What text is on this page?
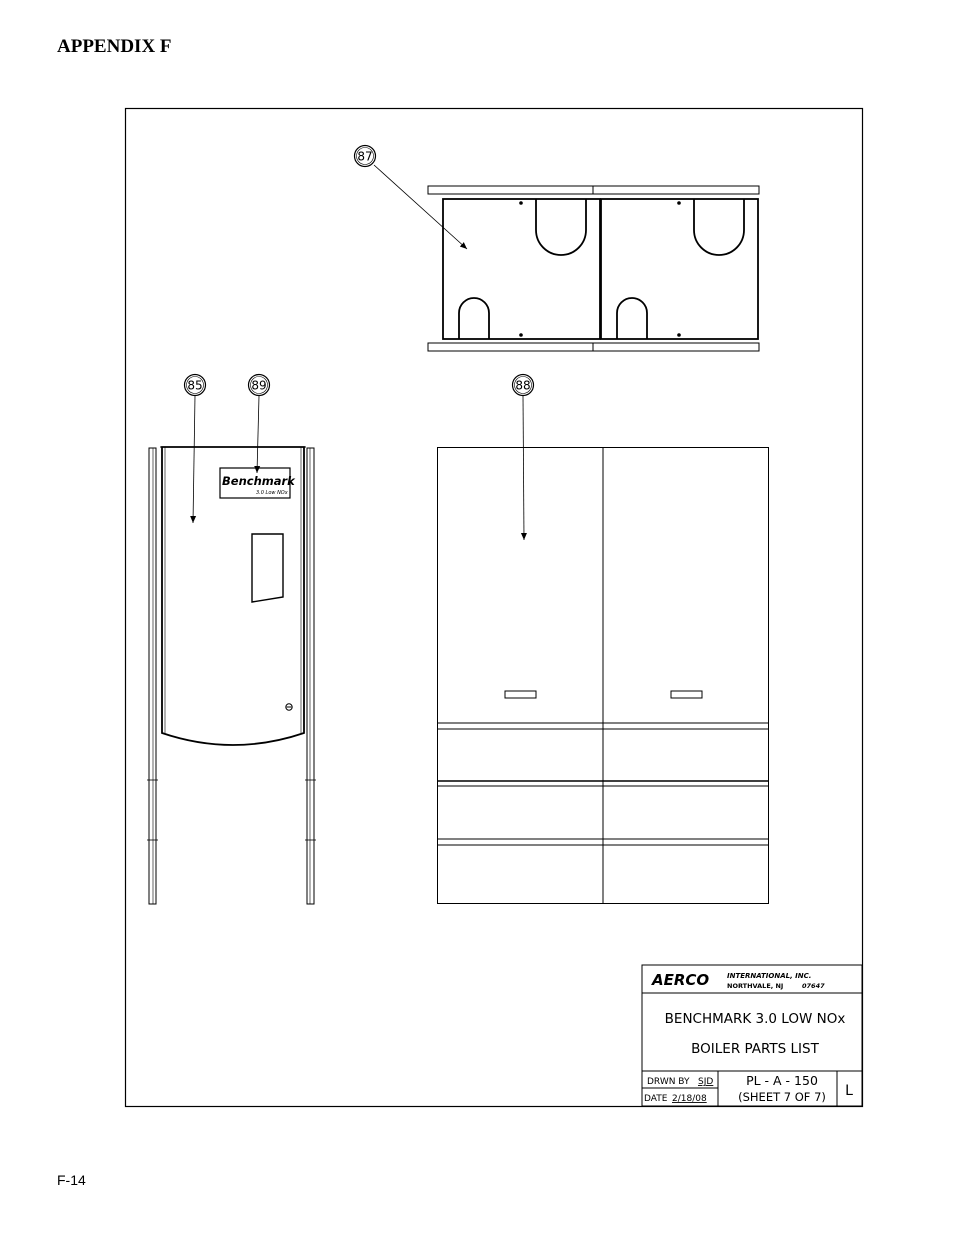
APPENDIX F
Benchmark
3.0 Low NOx
87
85	89	88
AERCO	INTERNATIONAL, INC.
NORTHVALE, NJ	07647
BENCHMARK 3.0 LOW NOx
BOILER PARTS LIST
DRWN BY SJD
DATE 2/18/08
PL - A - 150
(SHEET 7 OF 7) L
F-14
